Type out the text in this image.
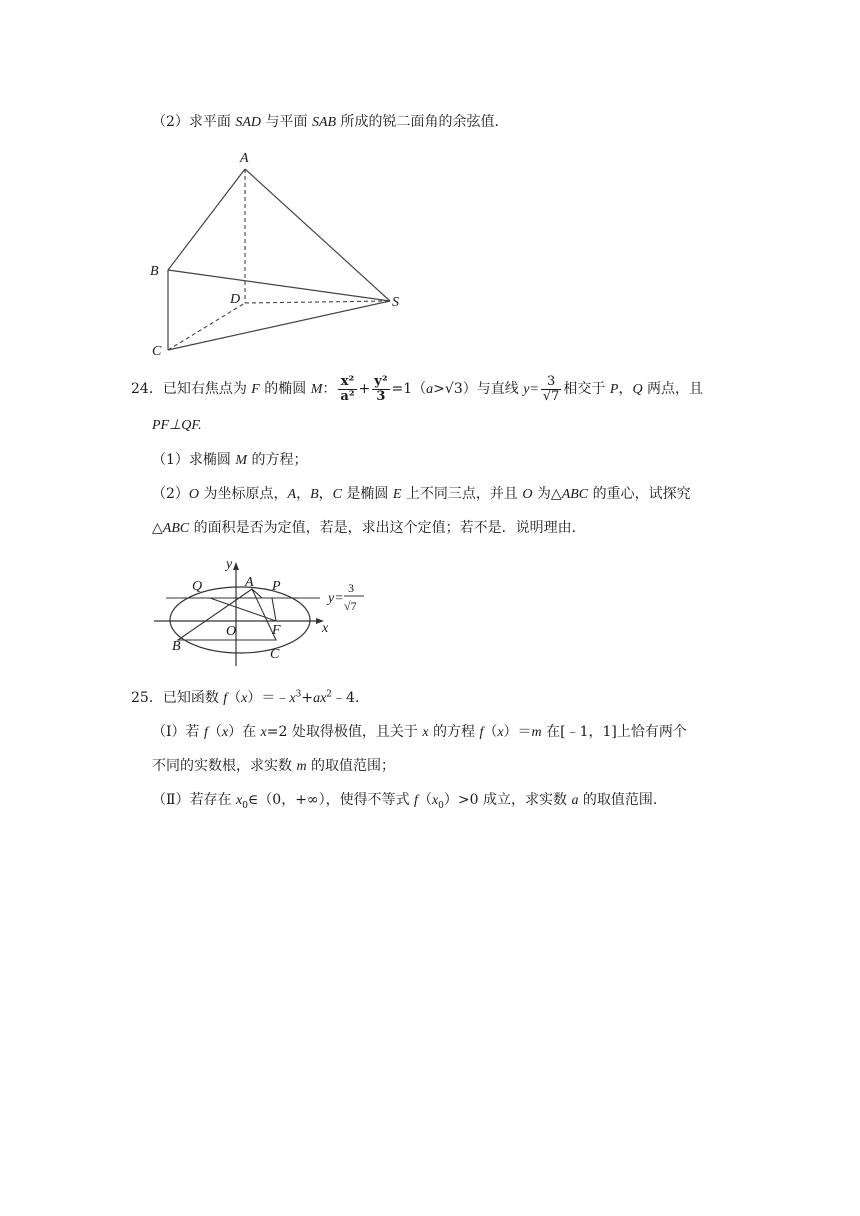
（2）求平面 SAD 与平面 SAB 所成的锐二面角的余弦值.
A
B
C
D	S
24．已知右焦点为 F 的椭圆 M： $\frac{\text{x²}}{\text{a²}} + \frac{\text{y²}}{3} =1(a>√3)$与直线 $y= \frac{3}{√7}$ 相交于 P，Q 两点，且
PF⊥QF.
（1）求椭圆 M 的方程；
（2）O 为坐标原点，A，B，C 是椭圆 E 上不同三点，并且 O 为△ABC 的重心，试探究
△ABC 的面积是否为定值，若是，求出这个定值；若不是．说明理由.
y
x
Q	A P
O	F
B
C
y=
3
√7
25．已知函数 $f(x)=﹣x^3+ax^2﹣4$.
（Ⅰ）若 f（x）在 x=2 处取得极值，且关于 x 的方程 f（x）＝m 在[﹣1，1]上恰有两个
不同的实数根，求实数 m 的取值范围；
（Ⅱ）若存在 $x_0\in(0$，+∞），使得不等式 $f(x_0)>0$ 成立，求实数 a 的取值范围.
